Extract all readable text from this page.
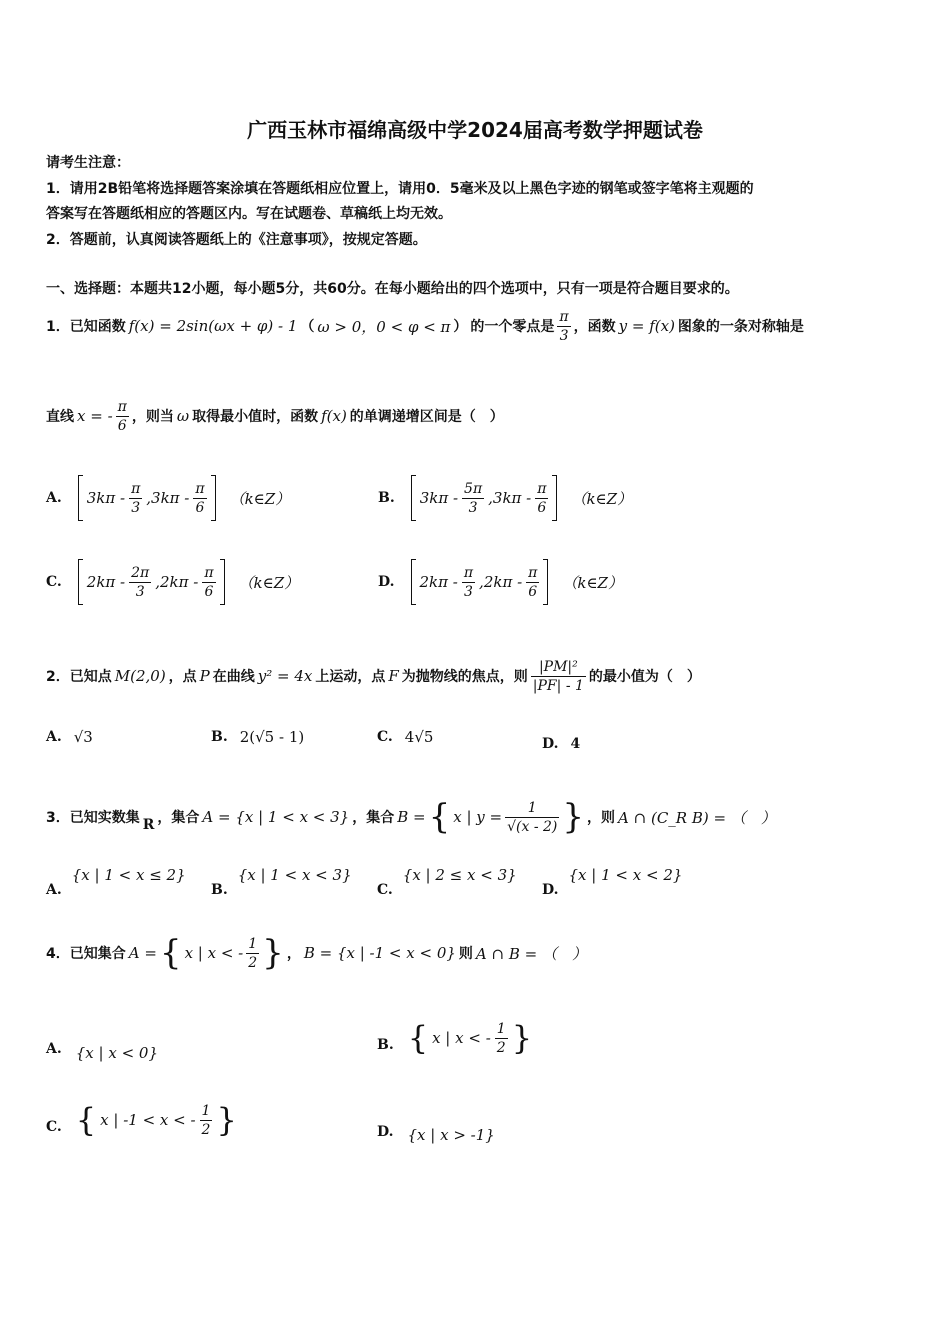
广西玉林市福绵高级中学2024届高考数学押题试卷
请考生注意：
1．请用2B铅笔将选择题答案涂填在答题纸相应位置上，请用0．5毫米及以上黑色字迹的钢笔或签字笔将主观题的
答案写在答题纸相应的答题区内。写在试题卷、草稿纸上均无效。
2．答题前，认真阅读答题纸上的《注意事项》，按规定答题。
一、选择题：本题共12小题，每小题5分，共60分。在每小题给出的四个选项中，只有一项是符合题目要求的。
1．已知函数 f(x) = 2sin(ωx + φ) - 1 （ ω > 0，0 < φ < π ） 的一个零点是 $\frac{\pi}{3}$ ，函数 y = f(x) 图象的一条对称轴是
直线 x = - $\frac{\pi}{6}$ ，则当 ω 取得最小值时，函数 f(x) 的单调递增区间是（　）
A. $3k\pi - \frac{\pi}{3} ,3k\pi - \frac{\pi}{6}$ （k∈Z）	B. $3k\pi - \frac{5\pi}{3} ,3k\pi - \frac{\pi}{6}$ （k∈Z）
C. $2k\pi - \frac{2\pi}{3} ,2k\pi - \frac{\pi}{6}$ （k∈Z）	D. $2k\pi - \frac{\pi}{3} ,2k\pi - \frac{\pi}{6}$ （k∈Z）
2．已知点 M(2,0) ，点 P 在曲线 y² = 4x 上运动，点 F 为抛物线的焦点，则 $\frac{\text{|PM|²}}{|PF| - 1}$ 的最小值为（　）
A. √3	B. 2(√5 - 1)	C. 4√5	D. 4
3．已知实数集 R ，集合 A = {x | 1 < x < 3} ，集合 B = { x | $y = \frac{1}{√(x - 2)}$ } ，则 A ∩ (C_R B) = （　）
A.
{x | 1 < x ≤ 2}
B.
{x | 1 < x < 3}
C.
{x | 2 ≤ x < 3}
D.
{x | 1 < x < 2}
4．已知集合 A = { x | x < - $\frac{1}{2}$ } ， B = {x | -1 < x < 0} 则 A ∩ B = （　）
A. {x | x < 0}	B. { x | x < - $\frac{1}{2}$ }
C. { x | -1 < x < - $\frac{1}{2}$ }	D. {x | x > -1}
